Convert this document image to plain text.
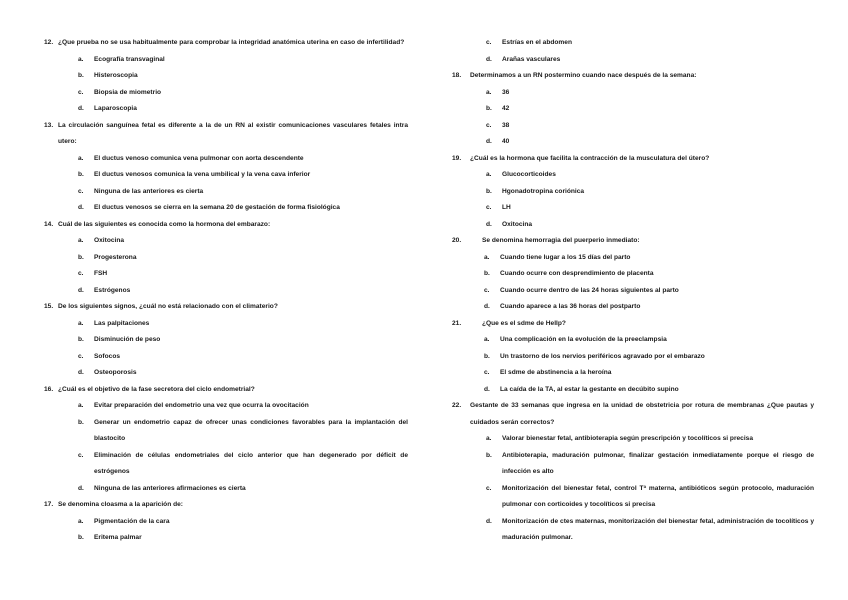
12. ¿Que prueba no se usa habitualmente para comprobar la integridad anatómica uterina en caso de infertilidad?
a. Ecografía transvaginal
b. Histeroscopia
c. Biopsia de miometrio
d. Laparoscopia
13. La circulación sanguínea fetal es diferente a la de un RN al existir comunicaciones vasculares fetales intra utero:
a. El ductus venoso comunica vena pulmonar con aorta descendente
b. El ductus venosos comunica la vena umbilical y la vena cava inferior
c. Ninguna de las anteriores es cierta
d. El ductus venosos se cierra en la semana 20 de gestación de forma fisiológica
14. Cuál de las siguientes es conocida como la hormona del embarazo:
a. Oxitocina
b. Progesterona
c. FSH
d. Estrógenos
15. De los siguientes signos, ¿cuál no está relacionado con el climaterio?
a. Las palpitaciones
b. Disminución de peso
c. Sofocos
d. Osteoporosis
16. ¿Cuál es el objetivo de la fase secretora del ciclo endometrial?
a. Evitar preparación del endometrio una vez que ocurra la ovocitación
b. Generar un endometrio capaz de ofrecer unas condiciones favorables para la implantación del blastocito
c. Eliminación de células endometriales del ciclo anterior que han degenerado por déficit de estrógenos
d. Ninguna de las anteriores afirmaciones es cierta
17. Se denomina cloasma a la aparición de:
a. Pigmentación de la cara
b. Eritema palmar
c. Estrías en el abdomen
d. Arañas vasculares
18.	Determinamos a un RN postermino cuando nace después de la semana:
a. 36
b. 42
c. 38
d. 40
19.	¿Cuál es la hormona que facilita la contracción de la musculatura del útero?
a. Glucocorticoides
b. Hgonadotropina coriónica
c. LH
d. Oxitocina
20.	Se denomina hemorragia del puerperio inmediato:
a. Cuando tiene lugar a los 15 días del parto
b. Cuando ocurre con desprendimiento de placenta
c. Cuando ocurre dentro de las 24 horas siguientes al parto
d. Cuando aparece a las 36 horas del postparto
21.	¿Que es el sdme de Hellp?
a. Una complicación en la evolución de la preeclampsia
b. Un trastorno de los nervios periféricos agravado por el embarazo
c. El sdme de abstinencia a la heroína
d. La caída de la TA, al estar la gestante en decúbito supino
22.	Gestante de 33 semanas que ingresa en la unidad de obstetricia por rotura de membranas ¿Que pautas y cuidados serán correctos?
a. Valorar bienestar fetal, antibioterapia según prescripción y tocolíticos si precisa
b. Antibioterapia, maduración pulmonar, finalizar gestación inmediatamente porque el riesgo de infección es alto
c. Monitorización del bienestar fetal, control Tª materna, antibióticos según protocolo, maduración pulmonar con corticoides y tocolíticos si precisa
d. Monitorización de ctes maternas, monitorización del bienestar fetal, administración de tocolíticos y maduración pulmonar.
